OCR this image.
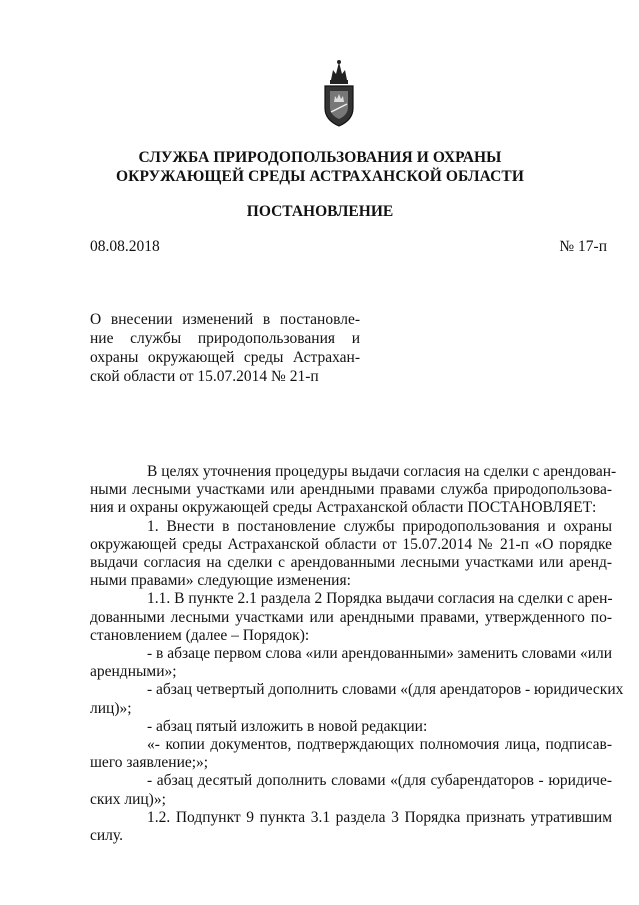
СЛУЖБА ПРИРОДОПОЛЬЗОВАНИЯ И ОХРАНЫ
ОКРУЖАЮЩЕЙ СРЕДЫ АСТРАХАНСКОЙ ОБЛАСТИ
ПОСТАНОВЛЕНИЕ
08.08.2018	№ 17-п
О внесении изменений в постановле-
ние службы природопользования и
охраны окружающей среды Астрахан-
ской области от 15.07.2014 № 21-п
В целях уточнения процедуры выдачи согласия на сделки с арендован-
ными лесными участками или арендными правами служба природопользова-
ния и охраны окружающей среды Астраханской области ПОСТАНОВЛЯЕТ:
1. Внести в постановление службы природопользования и охраны
окружающей среды Астраханской области от 15.07.2014 № 21-п «О порядке
выдачи согласия на сделки с арендованными лесными участками или аренд-
ными правами» следующие изменения:
1.1. В пункте 2.1 раздела 2 Порядка выдачи согласия на сделки с арен-
дованными лесными участками или арендными правами, утвержденного по-
становлением (далее – Порядок):
- в абзаце первом слова «или арендованными» заменить словами «или
арендными»;
- абзац четвертый дополнить словами «(для арендаторов - юридических
лиц)»;
- абзац пятый изложить в новой редакции:
«- копии документов, подтверждающих полномочия лица, подписав-
шего заявление;»;
- абзац десятый дополнить словами «(для субарендаторов - юридиче-
ских лиц)»;
1.2. Подпункт 9 пункта 3.1 раздела 3 Порядка признать утратившим
силу.
